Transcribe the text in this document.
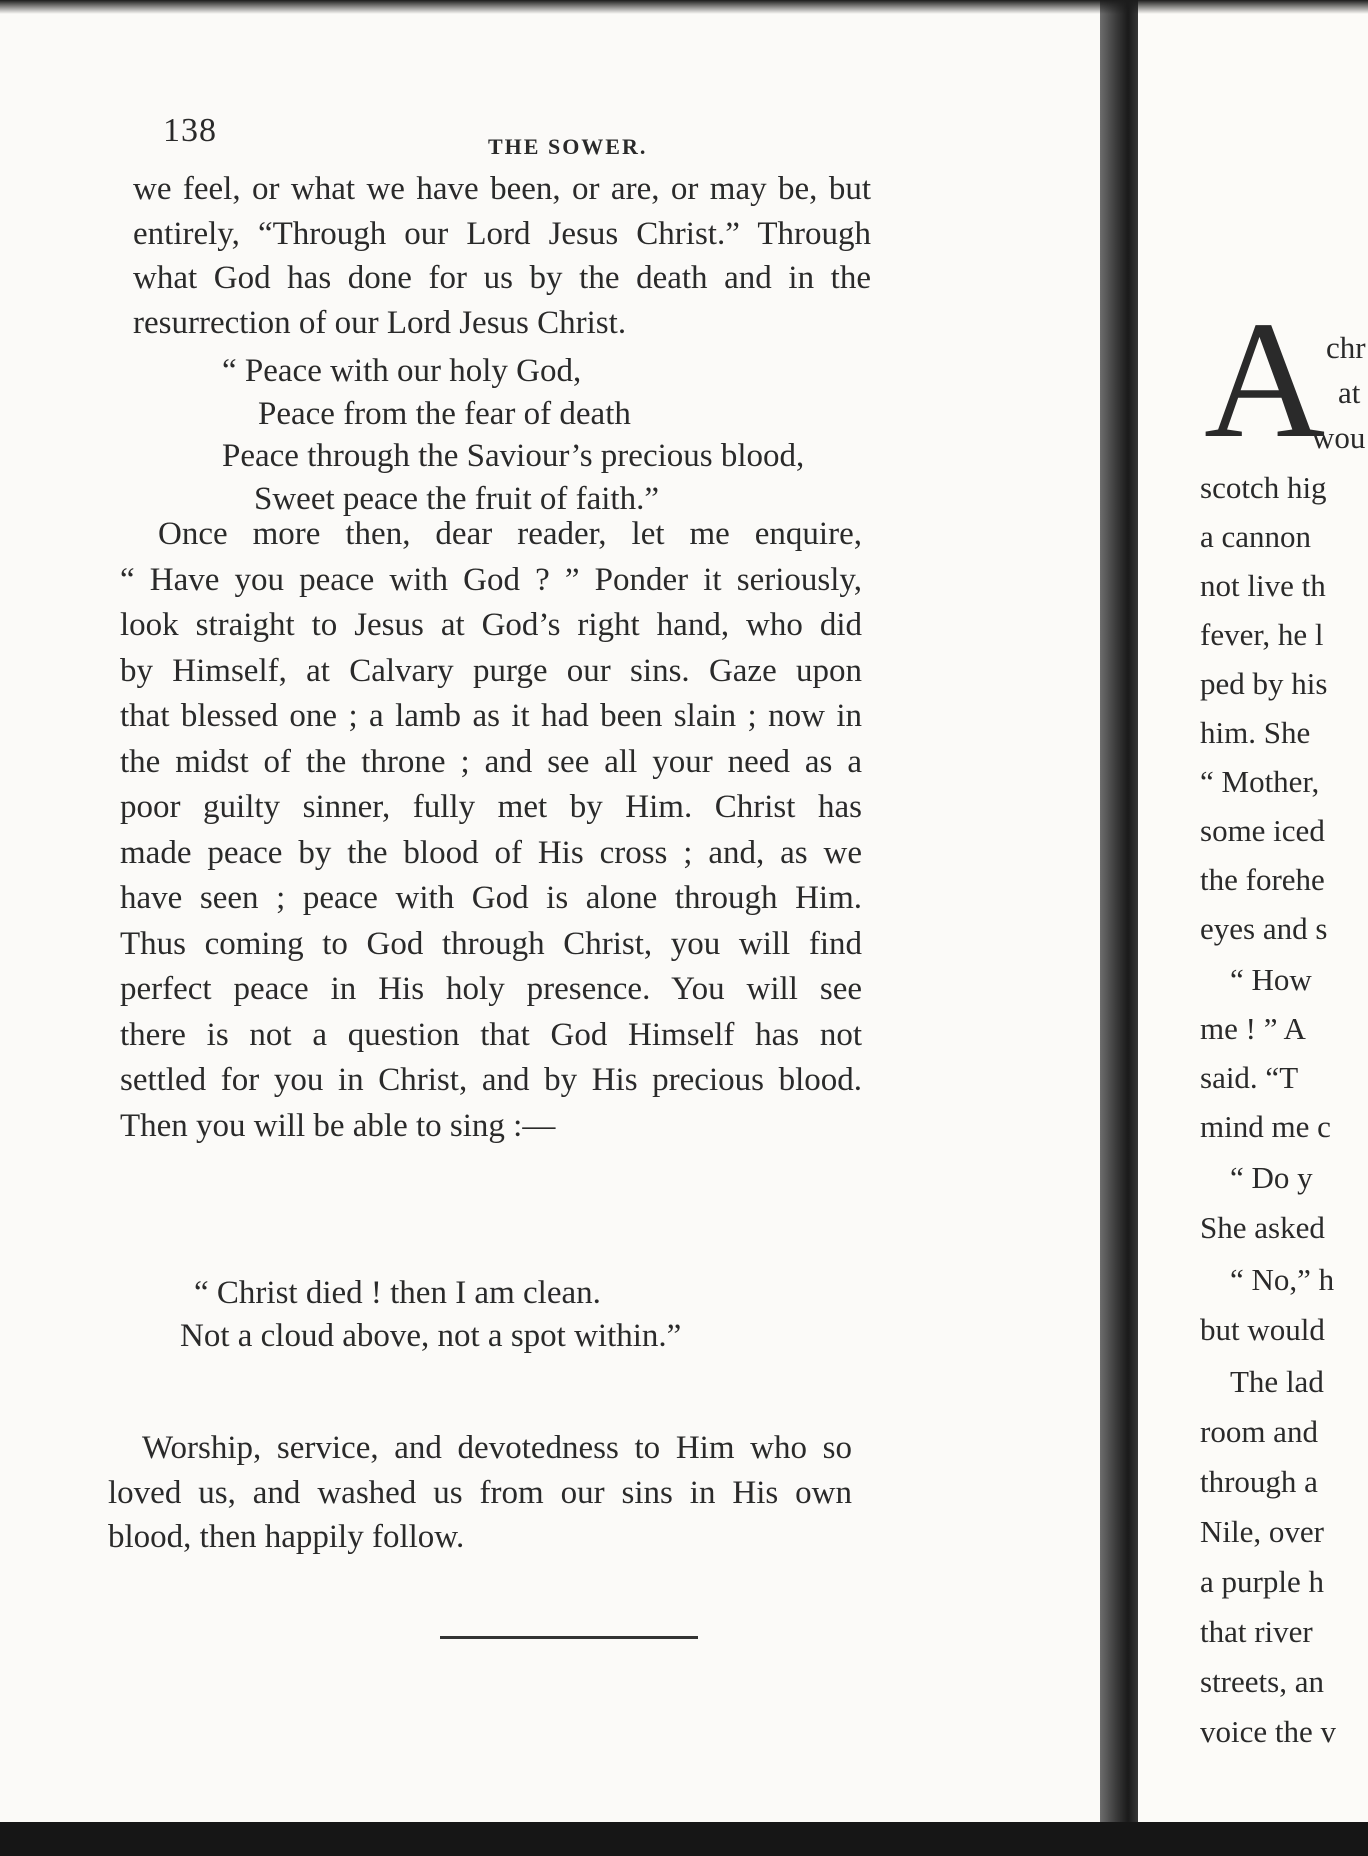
138	THE SOWER.
we feel, or what we have been, or are, or may be, but
entirely, “Through our Lord Jesus Christ.” Through
what God has done for us by the death and in the
resurrection of our Lord Jesus Christ.
“ Peace with our holy God,
Peace from the fear of death
Peace through the Saviour’s precious blood,
Sweet peace the fruit of faith.”
Once more then, dear reader, let me enquire,
“ Have you peace with God ? ” Ponder it seriously,
look straight to Jesus at God’s right hand, who did
by Himself, at Calvary purge our sins. Gaze upon
that blessed one ; a lamb as it had been slain ; now in
the midst of the throne ; and see all your need as a
poor guilty sinner, fully met by Him. Christ has
made peace by the blood of His cross ; and, as we
have seen ; peace with God is alone through Him.
Thus coming to God through Christ, you will find
perfect peace in His holy presence. You will see
there is not a question that God Himself has not
settled for you in Christ, and by His precious blood.
Then you will be able to sing :—
“ Christ died ! then I am clean.
Not a cloud above, not a spot within.”
Worship, service, and devotedness to Him who so
loved us, and washed us from our sins in His own
blood, then happily follow.
A chr
at
wou
scotch hig
a cannon
not live th
fever, he l
ped by his
him. She
“ Mother,
some iced
the forehe
eyes and s
“ How
me ! ” A
said. “T
mind me c
“ Do y
She asked
“ No,” h
but would
The lad
room and
through a
Nile, over
a purple h
that river
streets, an
voice the v
